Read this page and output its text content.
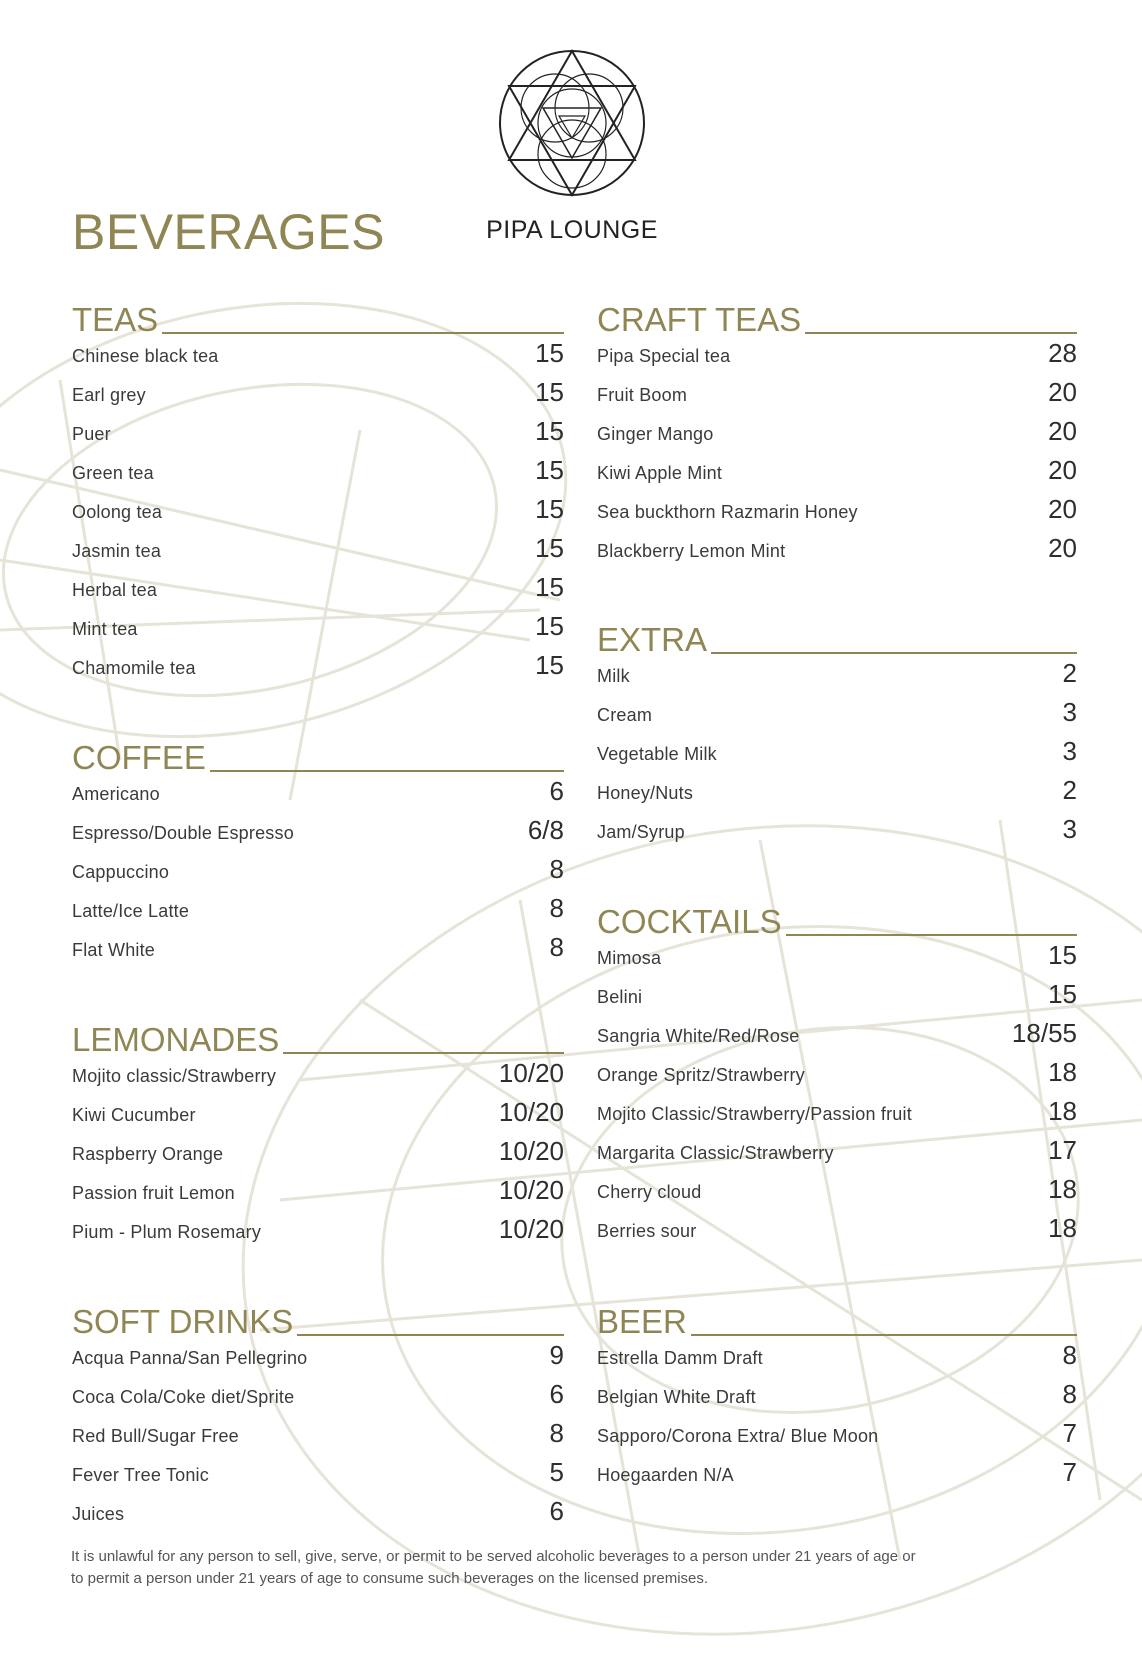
PIPA LOUNGE
BEVERAGES
TEAS
Chinese black tea	15
Earl grey	15
Puer	15
Green tea	15
Oolong tea	15
Jasmin tea	15
Herbal tea	15
Mint tea	15
Chamomile tea	15
COFFEE
Americano	6
Espresso/Double Espresso	6/8
Cappuccino	8
Latte/Ice Latte	8
Flat White	8
LEMONADES
Mojito classic/Strawberry	10/20
Kiwi Cucumber	10/20
Raspberry Orange	10/20
Passion fruit Lemon	10/20
Pium - Plum Rosemary	10/20
SOFT DRINKS
Acqua Panna/San Pellegrino	9
Coca Cola/Coke diet/Sprite	6
Red Bull/Sugar Free	8
Fever Tree Tonic	5
Juices	6
CRAFT TEAS
Pipa Special tea	28
Fruit Boom	20
Ginger Mango	20
Kiwi Apple Mint	20
Sea buckthorn Razmarin Honey	20
Blackberry Lemon Mint	20
EXTRA
Milk	2
Cream	3
Vegetable Milk	3
Honey/Nuts	2
Jam/Syrup	3
COCKTAILS
Mimosa	15
Belini	15
Sangria White/Red/Rose	18/55
Orange Spritz/Strawberry	18
Mojito Classic/Strawberry/Passion fruit	18
Margarita Classic/Strawberry	17
Cherry cloud	18
Berries sour	18
BEER
Estrella Damm Draft	8
Belgian White Draft	8
Sapporo/Corona Extra/ Blue Moon	7
Hoegaarden N/A	7
It is unlawful for any person to sell, give, serve, or permit to be served alcoholic beverages to a person under 21 years of age or to permit a person under 21 years of age to consume such beverages on the licensed premises.
